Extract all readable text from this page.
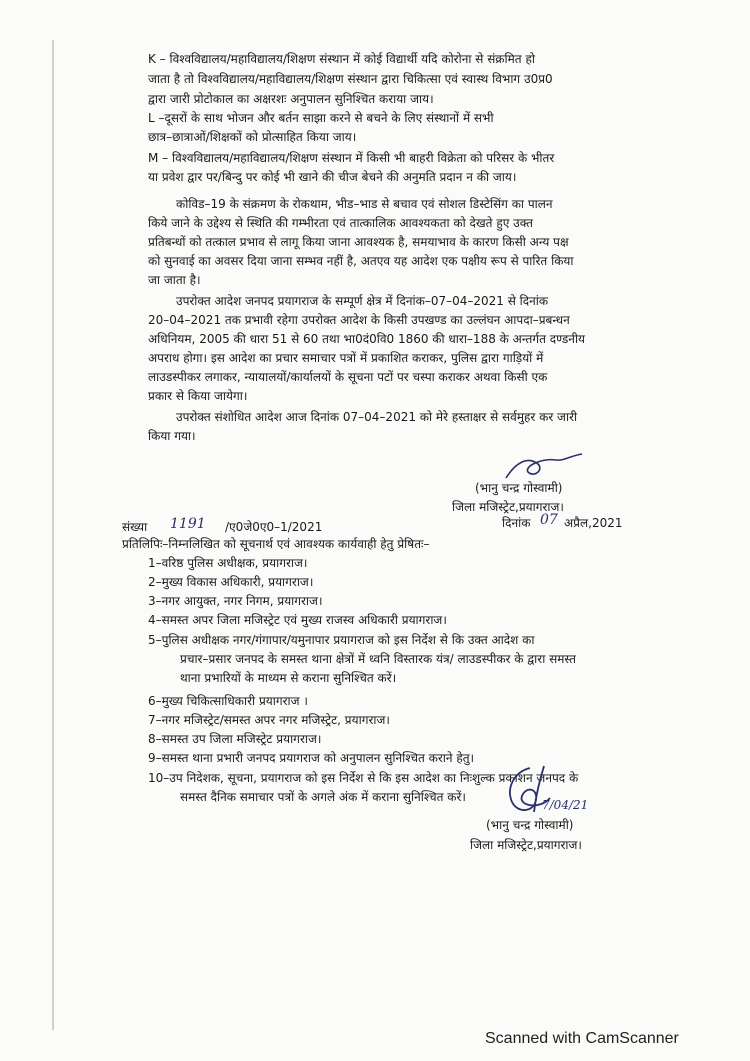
K – विश्वविद्यालय/महाविद्यालय/शिक्षण संस्थान में कोई विद्यार्थी यदि कोरोना से संक्रमित हो
जाता है तो विश्वविद्यालय/महाविद्यालय/शिक्षण संस्थान द्वारा चिकित्सा एवं स्वास्थ विभाग उ0प्र0
द्वारा जारी प्रोटोकाल का अक्षरशः अनुपालन सुनिश्चित कराया जाय।
L –दूसरों के साथ भोजन और बर्तन साझा करने से बचने के लिए संस्थानों में सभी
छात्र–छात्राओं/शिक्षकों को प्रोत्साहित किया जाय।
M – विश्वविद्यालय/महाविद्यालय/शिक्षण संस्थान में किसी भी बाहरी विक्रेता को परिसर के भीतर
या प्रवेश द्वार पर/बिन्दु पर कोई भी खाने की चीज बेचने की अनुमति प्रदान न की जाय।
कोविड–19 के संक्रमण के रोकथाम, भीड–भाड से बचाव एवं सोशल डिस्टेसिंग का पालन
किये जाने के उद्देश्य से स्थिति की गम्भीरता एवं तात्कालिक आवश्यकता को देखते हुए उक्त
प्रतिबन्धों को तत्काल प्रभाव से लागू किया जाना आवश्यक है, समयाभाव के कारण किसी अन्य पक्ष
को सुनवाई का अवसर दिया जाना सम्भव नहीं है, अतएव यह आदेश एक पक्षीय रूप से पारित किया
जा जाता है।
उपरोक्त आदेश जनपद प्रयागराज के सम्पूर्ण क्षेत्र में दिनांक–07–04–2021 से दिनांक
20–04–2021 तक प्रभावी रहेगा उपरोक्त आदेश के किसी उपखण्ड का उल्लंघन आपदा–प्रबन्धन
अधिनियम, 2005 की धारा 51 से 60 तथा भा0दं0वि0 1860 की धारा–188 के अन्तर्गत दण्डनीय
अपराध होगा। इस आदेश का प्रचार समाचार पत्रों में प्रकाशित कराकर, पुलिस द्वारा गाड़ियों में
लाउडस्पीकर लगाकर, न्यायालयों/कार्यालयों के सूचना पटों पर चस्पा कराकर अथवा किसी एक
प्रकार से किया जायेगा।
उपरोक्त संशोधित आदेश आज दिनांक 07–04–2021 को मेरे हस्ताक्षर से सर्वमुहर कर जारी
किया गया।
(भानु चन्द्र गोस्वामी)
जिला मजिस्ट्रेट,प्रयागराज।
दिनांक 07 अप्रैल,2021
संख्या 1191 /ए0जे0ए0–1/2021
प्रतिलिपिः–निम्नलिखित को सूचनार्थ एवं आवश्यक कार्यवाही हेतु प्रेषितः–
1–वरिष्ठ पुलिस अधीक्षक, प्रयागराज।
2–मुख्य विकास अधिकारी, प्रयागराज।
3–नगर आयुक्त, नगर निगम, प्रयागराज।
4–समस्त अपर जिला मजिस्ट्रेट एवं मुख्य राजस्व अधिकारी प्रयागराज।
5–पुलिस अधीक्षक नगर/गंगापार/यमुनापार प्रयागराज को इस निर्देश से कि उक्त आदेश का
प्रचार–प्रसार जनपद के समस्त थाना क्षेत्रों में ध्वनि विस्तारक यंत्र/ लाउडस्पीकर के द्वारा समस्त
थाना प्रभारियों के माध्यम से कराना सुनिश्चित करें।
6–मुख्य चिकित्साधिकारी प्रयागराज ।
7–नगर मजिस्ट्रेट/समस्त अपर नगर मजिस्ट्रेट, प्रयागराज।
8–समस्त उप जिला मजिस्ट्रेट प्रयागराज।
9–समस्त थाना प्रभारी जनपद प्रयागराज को अनुपालन सुनिश्चित कराने हेतु।
10–उप निदेशक, सूचना, प्रयागराज को इस निर्देश से कि इस आदेश का निःशुल्क प्रकाशन जनपद के
समस्त दैनिक समाचार पत्रों के अगले अंक में कराना सुनिश्चित करें।
7/04/21
(भानु चन्द्र गोस्वामी)
जिला मजिस्ट्रेट,प्रयागराज।
Scanned with CamScanner
